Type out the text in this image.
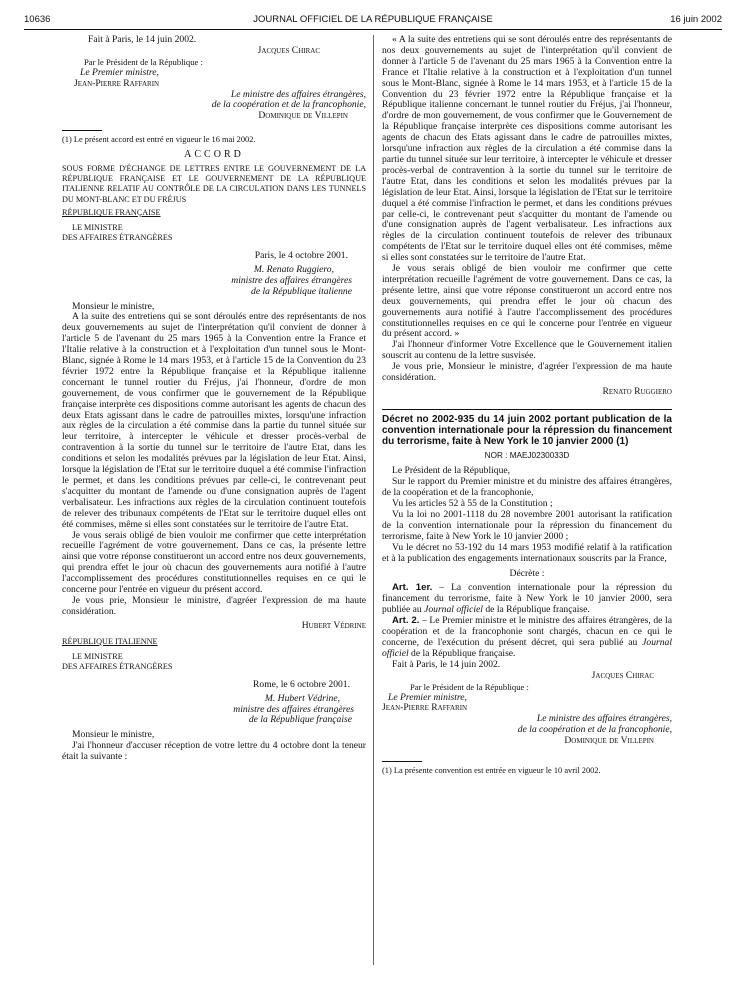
10636	JOURNAL OFFICIEL DE LA RÉPUBLIQUE FRANÇAISE	16 juin 2002

Fait à Paris, le 14 juin 2002.

Jacques Chirac

Par le Président de la République :

Le Premier ministre,

Jean-Pierre Raffarin

Le ministre des affaires étrangères,

de la coopération et de la francophonie,

Dominique de Villepin

(1) Le présent accord est entré en vigueur le 16 mai 2002.

ACCORD

SOUS FORME D'ÉCHANGE DE LETTRES ENTRE LE GOUVERNEMENT DE LA RÉPUBLIQUE FRANÇAISE ET LE GOUVERNEMENT DE LA RÉPUBLIQUE ITALIENNE RELATIF AU CONTRÔLE DE LA CIRCULATION DANS LES TUNNELS DU MONT-BLANC ET DU FRÉJUS

RÉPUBLIQUE FRANÇAISE

LE MINISTRE

DES AFFAIRES ÉTRANGÈRES

Paris, le 4 octobre 2001.

M. Renato Ruggiero,

ministre des affaires étrangères

de la République italienne

Monsieur le ministre,

A la suite des entretiens qui se sont déroulés entre des représentants de nos deux gouvernements au sujet de l'interprétation qu'il convient de donner à l'article 5 de l'avenant du 25 mars 1965 à la Convention entre la France et l'Italie relative à la construction et à l'exploitation d'un tunnel sous le Mont-Blanc, signée à Rome le 14 mars 1953, et à l'article 15 de la Convention du 23 février 1972 entre la République française et la République italienne concernant le tunnel routier du Fréjus, j'ai l'honneur, d'ordre de mon gouvernement, de vous confirmer que le gouvernement de la République française interprète ces dispositions comme autorisant les agents de chacun des deux Etats agissant dans le cadre de patrouilles mixtes, lorsqu'une infraction aux règles de la circulation a été commise dans la partie du tunnel située sur leur territoire, à intercepter le véhicule et dresser procès-verbal de contravention à la sortie du tunnel sur le territoire de l'autre Etat, dans les conditions et selon les modalités prévues par la législation de leur Etat. Ainsi, lorsque la législation de l'Etat sur le territoire duquel a été commise l'infraction le permet, et dans les conditions prévues par celle-ci, le contrevenant peut s'acquitter du montant de l'amende ou d'une consignation auprès de l'agent verbalisateur. Les infractions aux règles de la circulation continuent toutefois de relever des tribunaux compétents de l'Etat sur le territoire duquel elles ont été commises, même si elles sont constatées sur le territoire de l'autre Etat.

Je vous serais obligé de bien vouloir me confirmer que cette interprétation recueille l'agrément de votre gouvernement. Dans ce cas, la présente lettre ainsi que votre réponse constitueront un accord entre nos deux gouvernements, qui prendra effet le jour où chacun des gouvernements aura notifié à l'autre l'accomplissement des procédures constitutionnelles requises en ce qui le concerne pour l'entrée en vigueur du présent accord.

Je vous prie, Monsieur le ministre, d'agréer l'expression de ma haute considération.

Hubert Védrine

RÉPUBLIQUE ITALIENNE

LE MINISTRE

DES AFFAIRES ÉTRANGÈRES

Rome, le 6 octobre 2001.

M. Hubert Védrine,

ministre des affaires étrangères

de la République française

Monsieur le ministre,

J'ai l'honneur d'accuser réception de votre lettre du 4 octobre dont la teneur était la suivante :

« A la suite des entretiens qui se sont déroulés entre des représentants de nos deux gouvernements au sujet de l'interprétation qu'il convient de donner à l'article 5 de l'avenant du 25 mars 1965 à la Convention entre la France et l'Italie relative à la construction et à l'exploitation d'un tunnel sous le Mont-Blanc, signée à Rome le 14 mars 1953, et à l'article 15 de la Convention du 23 février 1972 entre la République française et la République italienne concernant le tunnel routier du Fréjus, j'ai l'honneur, d'ordre de mon gouvernement, de vous confirmer que le Gouvernement de la République française interprète ces dispositions comme autorisant les agents de chacun des Etats agissant dans le cadre de patrouilles mixtes, lorsqu'une infraction aux règles de la circulation a été commise dans la partie du tunnel située sur leur territoire, à intercepter le véhicule et dresser procès-verbal de contravention à la sortie du tunnel sur le territoire de l'autre Etat, dans les conditions et selon les modalités prévues par la législation de leur Etat. Ainsi, lorsque la législation de l'Etat sur le territoire duquel a été commise l'infraction le permet, et dans les conditions prévues par celle-ci, le contrevenant peut s'acquitter du montant de l'amende ou d'une consignation auprès de l'agent verbalisateur. Les infractions aux règles de la circulation continuent toutefois de relever des tribunaux compétents de l'Etat sur le territoire duquel elles ont été commises, même si elles sont constatées sur le territoire de l'autre Etat.

Je vous serais obligé de bien vouloir me confirmer que cette interprétation recueille l'agrément de votre gouvernement. Dans ce cas, la présente lettre, ainsi que votre réponse constitueront un accord entre nos deux gouvernements, qui prendra effet le jour où chacun des gouvernements aura notifié à l'autre l'accomplissement des procédures constitutionnelles requises en ce qui le concerne pour l'entrée en vigueur du présent accord. »

J'ai l'honneur d'informer Votre Excellence que le Gouvernement italien souscrit au contenu de la lettre susvisée.

Je vous prie, Monsieur le ministre, d'agréer l'expression de ma haute considération.

Renato Ruggiero

Décret no 2002-935 du 14 juin 2002 portant publication de la convention internationale pour la répression du financement du terrorisme, faite à New York le 10 janvier 2000 (1)

NOR : MAEJ0230033D

Le Président de la République,

Sur le rapport du Premier ministre et du ministre des affaires étrangères, de la coopération et de la francophonie,

Vu les articles 52 à 55 de la Constitution ;

Vu la loi no 2001-1118 du 28 novembre 2001 autorisant la ratification de la convention internationale pour la répression du financement du terrorisme, faite à New York le 10 janvier 2000 ;

Vu le décret no 53-192 du 14 mars 1953 modifié relatif à la ratification et à la publication des engagements internationaux souscrits par la France,

Décrète :

Art. 1er. – La convention internationale pour la répression du financement du terrorisme, faite à New York le 10 janvier 2000, sera publiée au Journal officiel de la République française.

Art. 2. – Le Premier ministre et le ministre des affaires étrangères, de la coopération et de la francophonie sont chargés, chacun en ce qui le concerne, de l'exécution du présent décret, qui sera publié au Journal officiel de la République française.

Fait à Paris, le 14 juin 2002.

Jacques Chirac

Par le Président de la République :

Le Premier ministre,

Jean-Pierre Raffarin

Le ministre des affaires étrangères,

de la coopération et de la francophonie,

Dominique de Villepin

(1) La présente convention est entrée en vigueur le 10 avril 2002.
